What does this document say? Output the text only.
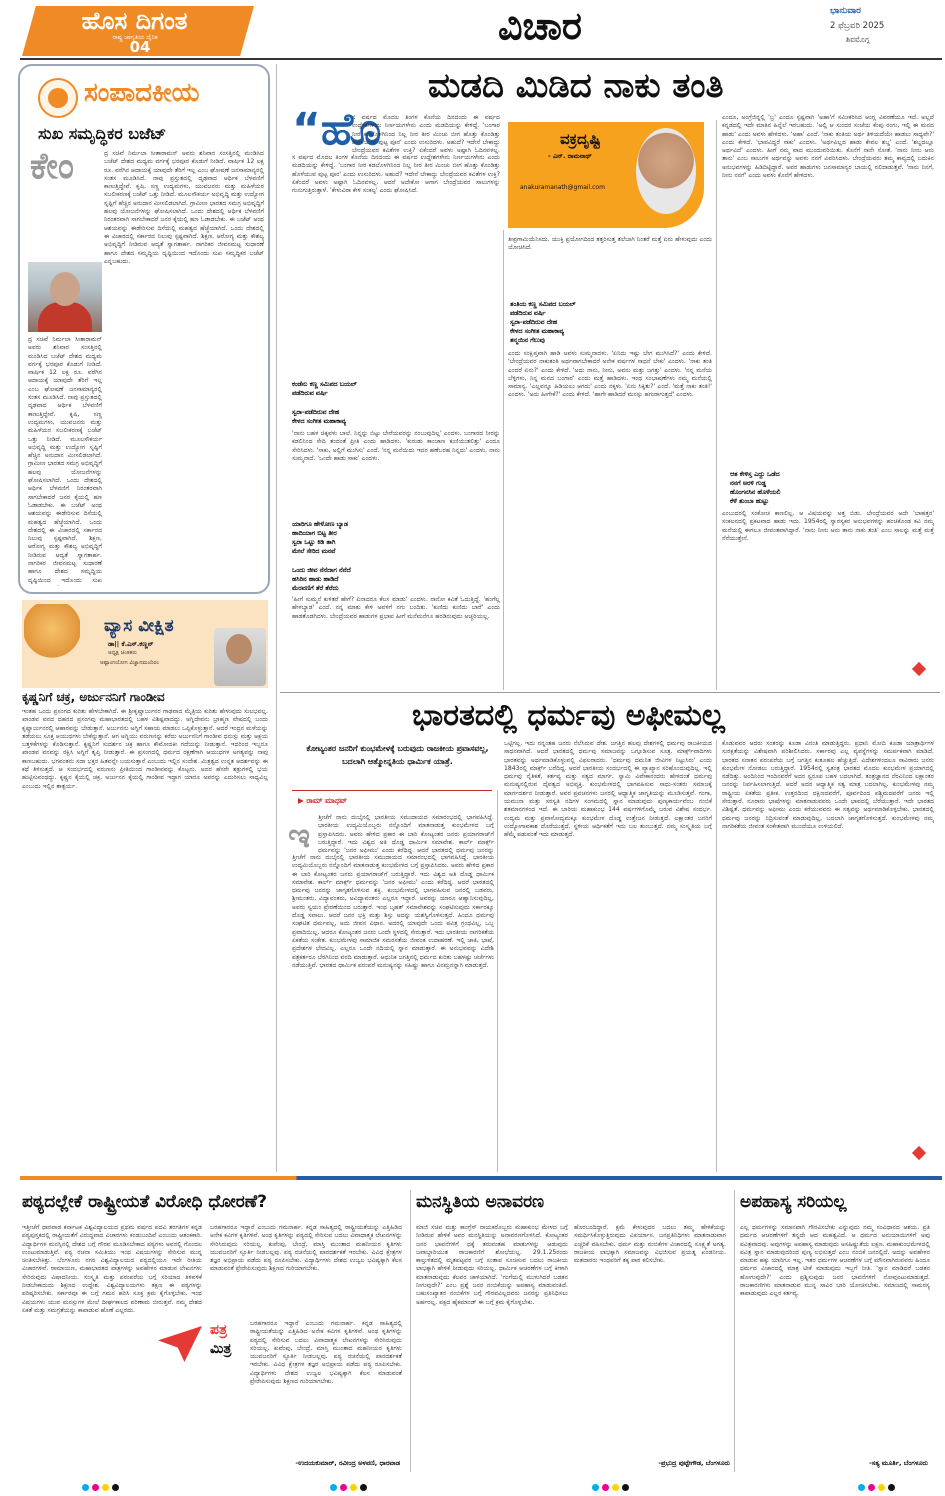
ಹೊಸ ದಿಗಂತ
ರಾಷ್ಟ್ರ ಜಾಗೃತಿಯ ದೈನಿಕ
04	ವಿಚಾರ	ಭಾನುವಾರ
2 ಫೆಬ್ರವರಿ 2025
ಶಿವಮೊಗ್ಗ
ಸಂಪಾದಕೀಯ
ಸುಖ ಸಮೃದ್ಧಿಕರ ಬಜೆಟ್
ಕೇಂ	ದ್ರ ಸಚಿವೆ ನಿರ್ಮಲಾ ಸೀತಾರಾಮನ್ ಅವರು ಶನಿವಾರ ಸಂಸತ್ತಿನಲ್ಲಿ ಮಂಡಿಸಿದ ಬಜೆಟ್ ದೇಶದ ಮಧ್ಯಮ ವರ್ಗಕ್ಕೆ ಭರಪೂರ ಕೊಡುಗೆ ನೀಡಿದೆ. ವಾರ್ಷಿಕ 12 ಲಕ್ಷ ರೂ. ವರೆಗಿನ ಆದಾಯಕ್ಕೆ ಯಾವುದೇ ತೆರಿಗೆ ಇಲ್ಲ ಎಂಬ ಘೋಷಣೆ ಜನಸಾಮಾನ್ಯರಲ್ಲಿ ಸಂತಸ ಮೂಡಿಸಿದೆ. ನಾವು ಪ್ರಸ್ತುತದಲ್ಲಿ ದೃಢವಾದ ಆರ್ಥಿಕ ಬೆಳವಣಿಗೆ ಕಾಣುತ್ತಿದ್ದೇವೆ. ಕೃಷಿ, ಸಣ್ಣ ಉದ್ಯಮಗಳು, ಯುವಜನರು ಮತ್ತು ಮಹಿಳೆಯರ ಸಬಲೀಕರಣಕ್ಕೆ ಬಜೆಟ್ ಒತ್ತು ನೀಡಿದೆ. ಮೂಲಸೌಕರ್ಯ ಅಭಿವೃದ್ಧಿ ಮತ್ತು ಉದ್ಯೋಗ ಸೃಷ್ಟಿಗೆ ಹೆಚ್ಚಿನ ಅನುದಾನ ಮೀಸಲಿಡಲಾಗಿದೆ. ಗ್ರಾಮೀಣ ಭಾರತದ ಸಮಗ್ರ ಅಭಿವೃದ್ಧಿಗೆ ಹಲವು ಯೋಜನೆಗಳನ್ನು ಘೋಷಿಸಲಾಗಿದೆ. ಒಂದು ದೇಶದಲ್ಲಿ ಆರ್ಥಿಕ ಬೆಳವಣಿಗೆ ನಿರಂತರವಾಗಿ ಸಾಗಬೇಕಾದರೆ ಜನರ ಕೈಯಲ್ಲಿ ಹಣ ಓಡಾಡಬೇಕು. ಈ ಬಜೆಟ್ ಅಂಥ ಆಶಯವನ್ನು ಈಡೇರಿಸುವ ದಿಸೆಯಲ್ಲಿ ಮಹತ್ವದ ಹೆಜ್ಜೆಯಾಗಿದೆ. ಒಂದು ದೇಶದಲ್ಲಿ ಈ ವಿಚಾರದಲ್ಲಿ ಸರ್ಕಾರದ ನಿಲುವು ಸ್ಪಷ್ಟವಾಗಿದೆ. ಶಿಕ್ಷಣ, ಆರೋಗ್ಯ ಮತ್ತು ಕೌಶಲ್ಯ ಅಭಿವೃದ್ಧಿಗೆ ನೀಡಿರುವ ಆದ್ಯತೆ ಸ್ವಾಗತಾರ್ಹ. ನಾಗರಿಕರ ಜೀವನಮಟ್ಟ ಸುಧಾರಣೆ ಹಾಗೂ ದೇಶದ ಸಮೃದ್ಧಿಯ ದೃಷ್ಟಿಯಿಂದ ಇದೊಂದು ಸುಖ ಸಮೃದ್ಧಿಕರ ಬಜೆಟ್ ಎನ್ನಬಹುದು.
ದ್ರ ಸಚಿವೆ ನಿರ್ಮಲಾ ಸೀತಾರಾಮನ್ ಅವರು ಶನಿವಾರ ಸಂಸತ್ತಿನಲ್ಲಿ ಮಂಡಿಸಿದ ಬಜೆಟ್ ದೇಶದ ಮಧ್ಯಮ ವರ್ಗಕ್ಕೆ ಭರಪೂರ ಕೊಡುಗೆ ನೀಡಿದೆ. ವಾರ್ಷಿಕ 12 ಲಕ್ಷ ರೂ. ವರೆಗಿನ ಆದಾಯಕ್ಕೆ ಯಾವುದೇ ತೆರಿಗೆ ಇಲ್ಲ ಎಂಬ ಘೋಷಣೆ ಜನಸಾಮಾನ್ಯರಲ್ಲಿ ಸಂತಸ ಮೂಡಿಸಿದೆ. ನಾವು ಪ್ರಸ್ತುತದಲ್ಲಿ ದೃಢವಾದ ಆರ್ಥಿಕ ಬೆಳವಣಿಗೆ ಕಾಣುತ್ತಿದ್ದೇವೆ. ಕೃಷಿ, ಸಣ್ಣ ಉದ್ಯಮಗಳು, ಯುವಜನರು ಮತ್ತು ಮಹಿಳೆಯರ ಸಬಲೀಕರಣಕ್ಕೆ ಬಜೆಟ್ ಒತ್ತು ನೀಡಿದೆ. ಮೂಲಸೌಕರ್ಯ ಅಭಿವೃದ್ಧಿ ಮತ್ತು ಉದ್ಯೋಗ ಸೃಷ್ಟಿಗೆ ಹೆಚ್ಚಿನ ಅನುದಾನ ಮೀಸಲಿಡಲಾಗಿದೆ. ಗ್ರಾಮೀಣ ಭಾರತದ ಸಮಗ್ರ ಅಭಿವೃದ್ಧಿಗೆ ಹಲವು ಯೋಜನೆಗಳನ್ನು ಘೋಷಿಸಲಾಗಿದೆ. ಒಂದು ದೇಶದಲ್ಲಿ ಆರ್ಥಿಕ ಬೆಳವಣಿಗೆ ನಿರಂತರವಾಗಿ ಸಾಗಬೇಕಾದರೆ ಜನರ ಕೈಯಲ್ಲಿ ಹಣ ಓಡಾಡಬೇಕು. ಈ ಬಜೆಟ್ ಅಂಥ ಆಶಯವನ್ನು ಈಡೇರಿಸುವ ದಿಸೆಯಲ್ಲಿ ಮಹತ್ವದ ಹೆಜ್ಜೆಯಾಗಿದೆ. ಒಂದು ದೇಶದಲ್ಲಿ ಈ ವಿಚಾರದಲ್ಲಿ ಸರ್ಕಾರದ ನಿಲುವು ಸ್ಪಷ್ಟವಾಗಿದೆ. ಶಿಕ್ಷಣ, ಆರೋಗ್ಯ ಮತ್ತು ಕೌಶಲ್ಯ ಅಭಿವೃದ್ಧಿಗೆ ನೀಡಿರುವ ಆದ್ಯತೆ ಸ್ವಾಗತಾರ್ಹ. ನಾಗರಿಕರ ಜೀವನಮಟ್ಟ ಸುಧಾರಣೆ ಹಾಗೂ ದೇಶದ ಸಮೃದ್ಧಿಯ ದೃಷ್ಟಿಯಿಂದ ಇದೊಂದು ಸುಖ
ವ್ಯಾಸ ವೀಕ್ಷಿತ
ಡಾ|| ಕೆ.ಎಸ್.ಕಣ್ಣನ್
ಅಧ್ಯಕ್ಷ ಚಿಂತಕರು
ಅಷ್ಟಾಂಗಯೋಗ ವಿಜ್ಞಾನಮಂದಿರಂ
ಕೃಷ್ಣನಿಗೆ ಚಕ್ರ, ಅರ್ಜುನನಿಗೆ ಗಾಂಡೀವ
ಇಂತಹ ಒಂದು ಪ್ರಸಂಗದ ಕುರಿತು ಹೇಳಬೇಕಾಗಿದೆ. ಈ ಶ್ರೀಕೃಷ್ಣಾರ್ಜುನರ ಗಾಢವಾದ ಮೈತ್ರಿಯ ಕುರಿತು ಹೇಳುವುದು ಸುಲಭವಲ್ಲ. ಖಾಂಡವ ವನದ ದಹನದ ಪ್ರಸಂಗವು ಮಹಾಭಾರತದಲ್ಲಿ ಬಹಳ ವಿಶಿಷ್ಟವಾದದ್ದು. ಅಗ್ನಿದೇವನು ಬ್ರಾಹ್ಮಣ ವೇಷದಲ್ಲಿ ಬಂದು ಕೃಷ್ಣಾರ್ಜುನರಲ್ಲಿ ಆಹಾರವನ್ನು ಬೇಡುತ್ತಾನೆ. ಅರ್ಜುನನು ಅಗ್ನಿಗೆ ಸಹಾಯ ಮಾಡಲು ಒಪ್ಪಿಕೊಳ್ಳುತ್ತಾನೆ. ಆದರೆ ಇಂದ್ರನ ಮಳೆಯನ್ನು ತಡೆಯಲು ಸೂಕ್ತ ಆಯುಧಗಳು ಬೇಕೆನ್ನುತ್ತಾನೆ. ಆಗ ಅಗ್ನಿಯು ವರುಣನನ್ನು ಕರೆದು ಅರ್ಜುನನಿಗೆ ಗಾಂಡೀವ ಧನುಸ್ಸು ಮತ್ತು ಅಕ್ಷಯ ಬತ್ತಳಿಕೆಗಳನ್ನು ಕೊಡಿಸುತ್ತಾನೆ. ಕೃಷ್ಣನಿಗೆ ಸುದರ್ಶನ ಚಕ್ರ ಹಾಗೂ ಕೌಮೋದಕೀ ಗದೆಯನ್ನು ನೀಡುತ್ತಾನೆ. ಇದರಿಂದ ಇಬ್ಬರೂ ಖಾಂಡವ ವನವನ್ನು ರಕ್ಷಿಸಿ ಅಗ್ನಿಗೆ ತೃಪ್ತಿ ನೀಡುತ್ತಾರೆ. ಈ ಪ್ರಸಂಗದಲ್ಲಿ ಧರ್ಮದ ರಕ್ಷಣೆಗಾಗಿ ಆಯುಧಗಳ ಅಗತ್ಯವನ್ನು ನಾವು ಕಾಣಬಹುದು. ಭಗವಂತನು ಸದಾ ಭಕ್ತರ ಹಿತವನ್ನೇ ಬಯಸುತ್ತಾನೆ ಎಂಬುದು ಇಲ್ಲಿನ ಸಂದೇಶ. ಮಿತ್ರತ್ವದ ಉನ್ನತ ಆದರ್ಶವನ್ನು ಈ ಕಥೆ ತಿಳಿಸುತ್ತದೆ. ಆ ಸಂದರ್ಭದಲ್ಲಿ ವರುಣನು ಪ್ರೀತಿಯಿಂದ ಗಾಂಡೀವವನ್ನು ಕೊಟ್ಟನು. ಅದರ ಹೆಸರೇ ಶತ್ರುಗಳಲ್ಲಿ ಭಯ ಹುಟ್ಟಿಸುವಂಥದ್ದು. ಕೃಷ್ಣನ ಕೈಯಲ್ಲಿ ಚಕ್ರ, ಅರ್ಜುನನ ಕೈಯಲ್ಲಿ ಗಾಂಡೀವ ಇದ್ದಾಗ ಯಾರೂ ಅವರನ್ನು ಎದುರಿಸಲು ಸಾಧ್ಯವಿಲ್ಲ ಎಂಬುದು ಇಲ್ಲಿನ ತಾತ್ಪರ್ಯ.
ಮಡದಿ ಮಿಡಿದ ನಾಕು ತಂತಿ
“ಹೊ
ಸ ವರ್ಷದ ಮೊದಲ ತಿಂಗಳ ಕೊನೆಯ ದಿನದಂದು ಈ ವರ್ಷದ ಉದ್ದೇಶಗಳೇನು ನಿರ್ಣಯಗಳೇನು ಎಂದು ಮಡದಿಯನ್ನು ಕೇಳಿದ್ದೆ. 'ಬಂಗಾರ ನೀರ ಕಡಲೊಳಗಿನಿಂದ ನಿಲ್ಲ ನೀರ ತೀರ ಮಿಂಚು ಬೀಗ ಹೊತ್ತು ಕೊಂಡಿತ್ತು ಹೊಳೆಯುವ ಪುಟ್ಟ ಪೂರ' ಎಂದು ಉಸುರಿದಳು. ಅಹುದೆ? ಇದೇನೆ ಬೇಕಾದ್ದು ಬೇಂದ್ರೆಯವರ ಕವಿತೆಗಳ ಉಕ್ತಿ? ಏಕೆಂದರೆ ಅವಳು ಅಷ್ಟಾಗಿ ಓದಿನವಳಲ್ಲ.
ಸ ವರ್ಷದ ಮೊದಲ ತಿಂಗಳ ಕೊನೆಯ ದಿನದಂದು ಈ ವರ್ಷದ ಉದ್ದೇಶಗಳೇನು ನಿರ್ಣಯಗಳೇನು ಎಂದು ಮಡದಿಯನ್ನು ಕೇಳಿದ್ದೆ. 'ಬಂಗಾರ ನೀರ ಕಡಲೊಳಗಿನಿಂದ ನಿಲ್ಲ ನೀರ ತೀರ ಮಿಂಚು ಬೀಗ ಹೊತ್ತು ಕೊಂಡಿತ್ತು ಹೊಳೆಯುವ ಪುಟ್ಟ ಪೂರ' ಎಂದು ಉಸುರಿದಳು. ಅಹುದೆ? ಇದೇನೆ ಬೇಕಾದ್ದು ಬೇಂದ್ರೆಯವರ ಕವಿತೆಗಳ ಉಕ್ತಿ? ಏಕೆಂದರೆ ಅವಳು ಅಷ್ಟಾಗಿ ಓದಿನವಳಲ್ಲ. ಆದರೆ ಅದೇಕೋ ಆಗಾಗ ಬೇಂದ್ರೆಯವರ ಸಾಲುಗಳನ್ನು ಗುನುಗುತ್ತಿರುತ್ತಾಳೆ. 'ಕೇಳುವಿರಾ ಕೇಳಿ ಸಂಕಲ್ಪ' ಎಂದು ಘೋಷಿಸಿದೆ.
ಕಂಡೆನು ಕಣ್ಣ ಸಮಿಪದ ಬಯಲ್
ಪಡೆದಿರುವ ವರ್ಷಿ
ಸ್ವರಾ-ಪಡೆದಿರುವ ದೇಹ
ಕೇಳದ ಸಂಗೀತ ಮಹಾಕಾವ್ಯ
'ನಾನು ಬಹಳ ಚಿಕ್ಕವಳು ಬಾಲೆ. ನಿನ್ನನ್ನು ಬಿಟ್ಟು ಬೇರೆಯವರನ್ನು ನಂಬುವುದಿಲ್ಲ' ಎಂದಳು. ಬಂಗಾರದ ನೀರನ್ನು ಕಡಲಿನಿಂದ ಸೇದಿ ತಂದಂತೆ ಪ್ರೀತಿ ಎಂದು ಹಾಡಿದಳು. 'ಕುರುಡು ಕಾಂಚಾಣ ಕುಣಿಯುತಲಿತ್ತು' ಎಂದೂ ಸೇರಿಸಿದಳು. 'ಸಾಕು, ಅಲ್ಲಿಗೆ ಮುಗಿಸು' ಎಂದೆ. 'ನನ್ನ ಮನೆಯಿದು ಇದರ ಹಣೆಬರಹ ನಿನ್ನದು' ಎಂದಳು. ನಾನು ಸುಮ್ಮನಾದೆ. 'ಒಂದೇ ಹಾಡು ಸಾಕು' ಎಂದಳು.
ಯಾರಿಗೂ ಹೇಳೋಣ ಬ್ಯಾಡ
ಹಾದಿಯಾಗ ಬಿಟ್ಟ ತೀರ
ಸ್ವರಾ ಒಟ್ಟು ಕಿಡಿ ತಾಗಿ
ಮೇಲೆ ಸೇರಿದ ಮನವೆ
ಒಂದು ಜೀವ ನೆನೆದಾಗ ನೆನೆದೆ
ಹಸಿರಿನ ಹಾಡು ಹಾಡಿದೆ
ಮೆರವಣಿಗೆ ತೆರೆ ತೆರೆದು
'ಹೀಗೆ ಸುಮ್ಮನೆ ಕುಳಿತರೆ ಹೇಗೆ? ಏನಾದರೂ ಕೆಲಸ ಮಾಡು' ಎಂದಳು. ನಾನೋ ಕವಿತೆ ಓದುತ್ತಿದ್ದೆ. 'ಹಂಗೆಲ್ಲ ಹೇಳಬ್ಯಾಡ' ಎಂದೆ. ನನ್ನ ಮಾತು ಕೇಳಿ ಅವಳಿಗೆ ನಗು ಬಂದಿತು. 'ಕುಣಿದು ಕುಣಿದು ಬಾರೆ' ಎಂದು ಹಾಡತೊಡಗಿದಳು. ಬೇಂದ್ರೆಯವರ ಹಾಡುಗಳ ಪ್ರಭಾವ ಹೀಗೆ ಮನೆಮನೆಗೂ ಹರಡಿರುವುದು ಅಚ್ಚರಿಯಲ್ಲ.
ವಕ್ರದೃಷ್ಟಿ
- ಎನ್. ರಾಮನಾಥ್
anakuramanath@gmail.com
ತೀವ್ರಗಾಮಿಯೆನಿಸದು. ಯುಕ್ತಿ ಪ್ರಯೋಗದಿಂದ ತತ್ತರಿಸುತ್ತ ತಲೆಬಾಗಿ ನಿಂತರೆ ಮತ್ತೆ ಏನು ಹೇಳುವುದು ಎಂದು ಯೋಚಿಸಿದೆ.
ತಂತಿಯ ಕಣ್ಣ ಸಮಿಪದ ಬಯಲ್
ಪಡೆದಿರುವ ವರ್ಷಿ
ಸ್ವರಾ-ಪಡೆದಿರುವ ದೇಹ
ಕೇಳದ ಸಂಗೀತ ಮಹಾಕಾವ್ಯ
ತನ್ಮಯಿನ ಗೆಲುವು
ಎಂದು ಸಂಕ್ಷಿಪ್ತವಾಗಿ ಹಾಡಿ ಅವಳು ಸುಮ್ಮನಾದಳು. 'ಏನಿದು ಇಷ್ಟು ಬೇಗ ಮುಗಿಸಿದೆ?' ಎಂದು ಕೇಳಿದೆ. 'ಬೇಂದ್ರೆಯವರ ನಾಕುತಂತಿ ಅರ್ಥವಾಗಬೇಕಾದರೆ ಅನೇಕ ವರ್ಷಗಳ ಸಾಧನೆ ಬೇಕು' ಎಂದಳು. 'ನಾಕು ತಂತಿ ಎಂದರೆ ಏನು?' ಎಂದು ಕೇಳಿದೆ. 'ಅದು ನಾನು, ನೀನು, ಅವನು ಮತ್ತು ಜಗತ್ತು' ಎಂದಳು. 'ನನ್ನ ಮನೆಯ ಬೆಳ್ಳಿಗಳು, ನಿನ್ನ ಮನದ ಬಂಗಾರ' ಎಂದು ಮತ್ತೆ ಹಾಡಿದಳು. ಇಂಥ ಸಂಭಾಷಣೆಗಳು ನಮ್ಮ ಮನೆಯಲ್ಲಿ ಸಾಮಾನ್ಯ. 'ಎಲ್ಲವನ್ನೂ ಹಿಡಿಯಲು ಆಗದು' ಎಂದು ನಕ್ಕಳು. 'ಏನು ಸಿಕ್ಕಿತು?' ಎಂದೆ. 'ಮತ್ತೆ ನಾಕು ತಂತಿ!' ಎಂದಳು. 'ಅದು ಹೀಗೇಕೆ?' ಎಂದು ಕೇಳಿದೆ. 'ಹಾಗೇ ಹಾಡಿದರೆ ಮನಸ್ಸು ಹಗುರಾಗುತ್ತದೆ' ಎಂದಳು.
ಎಂದೂ, ಅಂಗ್ರೆಜಿನ್ನಲ್ಲಿ 'ಬ್ರ' ಎಂದೂ ಸ್ಪಷ್ಟವಾಗಿ 'ಅಹಾ'ಗೆ ಸಮೀಕರಿಸಿದ ಆಂಗ್ಲ ವಿವರಣೆಯೂ ಇದೆ. ಅಲ್ಲದೆ ಕನ್ನಡದಲ್ಲಿ ಇದೇ ಮಾತಿನ ಹಿನ್ನೆಲೆ ಇರಬಹುದು. 'ಅಲ್ಲಿ ಆ ಸುಂದರ ಸಂಜೆಯ ಕೆಂಪು ರಂಗು, ಇಲ್ಲಿ ಈ ಮನದ ಹಾಡು' ಎಂದು ಅವಳು ಹೇಳಿದಳು. 'ಅಹಾ' ಎಂದೆ. 'ನಾಕು ತಂತಿಯ ಅರ್ಥ ತಿಳಿಯದೆಯೇ ಹಾಡಲು ಸಾಧ್ಯವೇ?' ಎಂದು ಕೇಳಿದೆ. 'ಭಾವವಿದ್ದರೆ ಸಾಕು' ಎಂದಳು. 'ಅರ್ಥವಿಲ್ಲದ ಹಾಡು ಕೇವಲ ಶಬ್ದ' ಎಂದೆ. 'ಶಬ್ದದಲ್ಲೂ ಅರ್ಥವಿದೆ' ಎಂದಳು. ಹೀಗೆ ನಮ್ಮ ವಾದ ಮುಂದುವರಿಯಿತು. ಕೊನೆಗೆ ನಾನೇ ಸೋತೆ. 'ನಾನು ನೀನು ಆನು ತಾನು' ಎಂಬ ಸಾಲುಗಳ ಅರ್ಥವನ್ನು ಅವಳು ನನಗೆ ವಿವರಿಸಿದಳು. ಬೇಂದ್ರೆಯವರು ತಮ್ಮ ಕಾವ್ಯದಲ್ಲಿ ಬದುಕಿನ ಅನುಭವಗಳನ್ನು ಹಿಡಿದಿಟ್ಟಿದ್ದಾರೆ. ಅವರ ಹಾಡುಗಳು ಜನಸಾಮಾನ್ಯರ ಬಾಯಲ್ಲಿ ನಲಿದಾಡುತ್ತವೆ. 'ನಾನು ನಿನಗೆ, ನೀನು ನನಗೆ' ಎಂದು ಅವಳು ಕೊನೆಗೆ ಹೇಳಿದಳು.
ಆತ ಕೇಳಿಸ್ತ ಎದ್ದು ಒಡೆದ
ನನಗೆ ಅರಳಿ ಗುಡ್ಡ
ಹೊಂಗನಸಿನ ಹೊಳೆಯಲಿ
ಕೆಳೆ ತುಂಬಾ ಹುಟ್ಟು
ಎಂಬುದರಲ್ಲಿ ಸಂಕೋಚ ಕಾಣಲಿಲ್ಲ. ಆ ವಿಷಯವನ್ನು ಅತ್ತ ಬಿಡು. ಬೇಂದ್ರೆಯವರ ಅದೇ 'ಬಾಹತ್ತರ' ಸಂಕಲನದಲ್ಲಿ ಪ್ರಕಟವಾದ ಹಾಡು ಇದು. 1954ರಲ್ಲಿ ಸ್ವಾರಸ್ಯಕರ ಅನುಭವಗಳನ್ನು ಹಂಚಿಕೊಂಡ ಕವಿ ನಮ್ಮ ಮನೆಯಲ್ಲಿ ಈಗಲೂ ಜೀವಂತವಾಗಿದ್ದಾರೆ. 'ನಾನು ನೀನು ಆನು ತಾನು ನಾಕು ತಂತಿ' ಎಂಬ ಸಾಲನ್ನು ಮತ್ತೆ ಮತ್ತೆ ನೆನೆಯುತ್ತೇನೆ.
ಭಾರತದಲ್ಲಿ ಧರ್ಮವು ಅಫೀಮಲ್ಲ
ಕೋಟ್ಯಂತರ ಜನರಿಗೆ ಕುಂಭಮೇಳಕ್ಕೆ ಬರುವುದು ರಾಜಕೀಯ ಪ್ರವಾಸವಲ್ಲ, ಬದಲಾಗಿ ಆತ್ಮೋನ್ನತಿಯ ಧಾರ್ಮಿಕ ಯಾತ್ರೆ.
▶ ರಾಮ್ ಮಾಧವ್
ಇ	ತ್ತೀಚೆಗೆ ನಾನು ದುಬೈನಲ್ಲಿ ಭಾರತೀಯ ಸಮುದಾಯದ ಸಮಾರಂಭದಲ್ಲಿ ಭಾಗವಹಿಸಿದ್ದೆ. ಭಾರತೀಯ ಉದ್ಯಮಿಯೊಬ್ಬರು ನನ್ನೊಂದಿಗೆ ಮಾತನಾಡುತ್ತ ಕುಂಭಮೇಳದ ಬಗ್ಗೆ ಪ್ರಸ್ತಾಪಿಸಿದರು. ಅವರು ಹೇಳಿದ ಪ್ರಕಾರ ಈ ಬಾರಿ ಕೋಟ್ಯಂತರ ಜನರು ಪ್ರಯಾಗರಾಜ್‌ಗೆ ಬರುತ್ತಿದ್ದಾರೆ. ಇದು ವಿಶ್ವದ ಅತಿ ದೊಡ್ಡ ಧಾರ್ಮಿಕ ಸಮಾವೇಶ. ಕಾರ್ಲ್ ಮಾರ್ಕ್ಸ್ ಧರ್ಮವನ್ನು 'ಜನರ ಅಫೀಮು' ಎಂದು ಕರೆದಿದ್ದ. ಆದರೆ ಭಾರತದಲ್ಲಿ ಧರ್ಮವು ಜನರನ್ನು
ತ್ತೀಚೆಗೆ ನಾನು ದುಬೈನಲ್ಲಿ ಭಾರತೀಯ ಸಮುದಾಯದ ಸಮಾರಂಭದಲ್ಲಿ ಭಾಗವಹಿಸಿದ್ದೆ. ಭಾರತೀಯ ಉದ್ಯಮಿಯೊಬ್ಬರು ನನ್ನೊಂದಿಗೆ ಮಾತನಾಡುತ್ತ ಕುಂಭಮೇಳದ ಬಗ್ಗೆ ಪ್ರಸ್ತಾಪಿಸಿದರು. ಅವರು ಹೇಳಿದ ಪ್ರಕಾರ ಈ ಬಾರಿ ಕೋಟ್ಯಂತರ ಜನರು ಪ್ರಯಾಗರಾಜ್‌ಗೆ ಬರುತ್ತಿದ್ದಾರೆ. ಇದು ವಿಶ್ವದ ಅತಿ ದೊಡ್ಡ ಧಾರ್ಮಿಕ ಸಮಾವೇಶ. ಕಾರ್ಲ್ ಮಾರ್ಕ್ಸ್ ಧರ್ಮವನ್ನು 'ಜನರ ಅಫೀಮು' ಎಂದು ಕರೆದಿದ್ದ. ಆದರೆ ಭಾರತದಲ್ಲಿ ಧರ್ಮವು ಜನರನ್ನು ಜಾಗೃತಗೊಳಿಸುವ ಶಕ್ತಿ. ಕುಂಭಮೇಳದಲ್ಲಿ ಭಾಗವಹಿಸುವ ಜನರಲ್ಲಿ ಬಡವರು, ಶ್ರೀಮಂತರು, ವಿದ್ಯಾವಂತರು, ಅವಿದ್ಯಾವಂತರು ಎಲ್ಲರೂ ಇದ್ದಾರೆ. ಅವರನ್ನು ಯಾರೂ ಆಹ್ವಾನಿಸುವುದಿಲ್ಲ, ಅವರು ಸ್ವಯಂ ಪ್ರೇರಣೆಯಿಂದ ಬರುತ್ತಾರೆ. ಇಂಥ ಬೃಹತ್ ಸಮಾವೇಶವನ್ನು ಸಂಘಟಿಸುವುದು ಸರ್ಕಾರಕ್ಕೂ ದೊಡ್ಡ ಸವಾಲು. ಆದರೆ ಜನರ ಭಕ್ತಿ ಮತ್ತು ಶಿಸ್ತು ಅದನ್ನು ಯಶಸ್ವಿಗೊಳಿಸುತ್ತದೆ. ಹಿಂದೂ ಧರ್ಮವು ಸಂಘಟಿತ ಧರ್ಮವಲ್ಲ, ಅದು ಜೀವನ ವಿಧಾನ. ಅದರಲ್ಲಿ ಯಾವುದೇ ಒಂದು ಪವಿತ್ರ ಗ್ರಂಥವಿಲ್ಲ, ಒಬ್ಬ ಪ್ರವಾದಿಯಿಲ್ಲ. ಆದರೂ ಕೋಟ್ಯಂತರ ಜನರು ಒಂದೇ ಸ್ಥಳದಲ್ಲಿ ಸೇರುತ್ತಾರೆ. ಇದು ಭಾರತೀಯ ನಾಗರಿಕತೆಯ ಏಕತೆಯ ಸಂಕೇತ. ಕುಂಭಮೇಳವು ಸಾಮಾಜಿಕ ಸಮರಸತೆಯ ಜೀವಂತ ಉದಾಹರಣೆ. ಇಲ್ಲಿ ಜಾತಿ, ಭಾಷೆ, ಪ್ರದೇಶಗಳ ಭೇದವಿಲ್ಲ. ಎಲ್ಲರೂ ಒಂದೇ ನದಿಯಲ್ಲಿ ಸ್ನಾನ ಮಾಡುತ್ತಾರೆ. ಈ ಅನುಭವವನ್ನು ವಿದೇಶಿ ಪತ್ರಕರ್ತರೂ ಬೆರಗಿನಿಂದ ವರದಿ ಮಾಡುತ್ತಾರೆ. ಆಧುನಿಕ ಜಗತ್ತಿನಲ್ಲಿ ಧರ್ಮದ ಕುರಿತು ಬಹಳಷ್ಟು ಚರ್ಚೆಗಳು ನಡೆಯುತ್ತಿವೆ. ಭಾರತದ ಧಾರ್ಮಿಕ ಪರಂಪರೆ ಮನುಷ್ಯನನ್ನು ಸಹಿಷ್ಣು ಹಾಗೂ ವಿನಮ್ರನನ್ನಾಗಿ ಮಾಡುತ್ತದೆ.
ಒಟ್ಟಿಗಲ್ಲ. ಇದು ನನ್ನಂತಹ ಜನರು ನೆಲೆಸಿರುವ ದೇಶ. ಜಗತ್ತಿನ ಹಲವು ದೇಶಗಳಲ್ಲಿ ಧರ್ಮವು ರಾಜಕೀಯದ ಸಾಧನವಾಗಿದೆ. ಆದರೆ ಭಾರತದಲ್ಲಿ ಧರ್ಮವು ಸಮಾಜವನ್ನು ಒಗ್ಗೂಡಿಸುವ ಸೂತ್ರ. ಮಾರ್ಕ್ಸ್‌ವಾದಿಗಳು ಭಾರತವನ್ನು ಅರ್ಥಮಾಡಿಕೊಳ್ಳುವಲ್ಲಿ ವಿಫಲರಾದರು. 'ಧರ್ಮವು ದಮನಿತ ಜೀವಿಗಳ ನಿಟ್ಟುಸಿರು' ಎಂದು 1843ರಲ್ಲಿ ಮಾರ್ಕ್ಸ್ ಬರೆದಿದ್ದ. ಆದರೆ ಭಾರತೀಯ ಸಂದರ್ಭದಲ್ಲಿ ಈ ವ್ಯಾಖ್ಯಾನ ಸರಿಹೊಂದುವುದಿಲ್ಲ. ಇಲ್ಲಿ ಧರ್ಮವು ನೈತಿಕತೆ, ಕರ್ತವ್ಯ ಮತ್ತು ಸತ್ಯದ ಮಾರ್ಗ. ಸ್ವಾಮಿ ವಿವೇಕಾನಂದರು ಹೇಳಿದಂತೆ ಧರ್ಮವು ಮನುಷ್ಯನಲ್ಲಿರುವ ದೈವತ್ವದ ಅಭಿವ್ಯಕ್ತಿ. ಕುಂಭಮೇಳದಲ್ಲಿ ಭಾಗವಹಿಸುವ ಸಾಧು-ಸಂತರು ಸಮಾಜಕ್ಕೆ ಮಾರ್ಗದರ್ಶನ ನೀಡುತ್ತಾರೆ. ಅವರ ಪ್ರವಚನಗಳು ಜನರಲ್ಲಿ ಆಧ್ಯಾತ್ಮಿಕ ಜಾಗೃತಿಯನ್ನು ಮೂಡಿಸುತ್ತವೆ. ಗಂಗಾ, ಯಮುನಾ ಮತ್ತು ಸರಸ್ವತಿ ನದಿಗಳ ಸಂಗಮದಲ್ಲಿ ಸ್ನಾನ ಮಾಡುವುದು ಪುಣ್ಯಕಾರ್ಯವೆಂಬ ನಂಬಿಕೆ ಶತಮಾನಗಳಿಂದ ಇದೆ. ಈ ಬಾರಿಯ ಮಹಾಕುಂಭ 144 ವರ್ಷಗಳಿಗೊಮ್ಮೆ ಬರುವ ವಿಶೇಷ ಸಂದರ್ಭ. ಉದ್ಯಮ ಮತ್ತು ಪ್ರವಾಸೋದ್ಯಮಕ್ಕೂ ಕುಂಭಮೇಳ ದೊಡ್ಡ ಉತ್ತೇಜನ ನೀಡುತ್ತದೆ. ಲಕ್ಷಾಂತರ ಜನರಿಗೆ ಉದ್ಯೋಗಾವಕಾಶ ದೊರೆಯುತ್ತದೆ. ಸ್ಥಳೀಯ ಆರ್ಥಿಕತೆಗೆ ಇದು ಬಲ ತುಂಬುತ್ತದೆ. ನಮ್ಮ ಸಂಸ್ಕೃತಿಯ ಬಗ್ಗೆ ಹೆಮ್ಮೆ ಪಡುವಂತೆ ಇದು ಮಾಡುತ್ತದೆ.
ಕೊಡುವವರ ಆದರು ಸಂತರನ್ನು ಕೂಡಾ ವಿನಂತಿ ಮಾಡುತ್ತಿದ್ದರು. ಪ್ರಧಾನಿ ಮೋದಿ ಕೂಡಾ ಯಾತ್ರಾರ್ಥಿಗಳ ಸುರಕ್ಷತೆಯನ್ನು ವಿಶೇಷವಾಗಿ ಪರಿಶೀಲಿಸಿದರು. ಸರ್ಕಾರವು ಎಲ್ಲ ವ್ಯವಸ್ಥೆಗಳನ್ನು ಸಮರ್ಪಕವಾಗಿ ಮಾಡಿದೆ. ಭಾರತದ ಸನಾತನ ಪರಂಪರೆಯ ಬಗ್ಗೆ ಜಗತ್ತಿನ ಕುತೂಹಲ ಹೆಚ್ಚುತ್ತಿದೆ. ವಿದೇಶಗಳಿಂದಲೂ ಸಾವಿರಾರು ಜನರು ಕುಂಭಮೇಳ ನೋಡಲು ಬರುತ್ತಿದ್ದಾರೆ. 1954ರಲ್ಲಿ ಸ್ವತಂತ್ರ ಭಾರತದ ಮೊದಲ ಕುಂಭಮೇಳ ಪ್ರಯಾಗದಲ್ಲಿ ನಡೆದಿತ್ತು. ಅಂದಿನಿಂದ ಇಂದಿನವರೆಗೆ ಅದರ ಸ್ವರೂಪ ಬಹಳ ಬದಲಾಗಿದೆ. ತಂತ್ರಜ್ಞಾನದ ನೆರವಿನಿಂದ ಲಕ್ಷಾಂತರ ಜನರನ್ನು ನಿರ್ವಹಿಸಲಾಗುತ್ತಿದೆ. ಆದರೆ ಅದರ ಆಧ್ಯಾತ್ಮಿಕ ಸತ್ವ ಮಾತ್ರ ಬದಲಾಗಿಲ್ಲ. ಕುಂಭಮೇಳವು ನಮ್ಮ ರಾಷ್ಟ್ರೀಯ ಏಕತೆಯ ಪ್ರತೀಕ. ಉತ್ತರದಿಂದ ದಕ್ಷಿಣದವರೆಗೆ, ಪೂರ್ವದಿಂದ ಪಶ್ಚಿಮದವರೆಗೆ ಜನರು ಇಲ್ಲಿ ಸೇರುತ್ತಾರೆ. ನೂರಾರು ಭಾಷೆಗಳನ್ನು ಮಾತನಾಡುವವರು ಒಂದೇ ಭಾವದಲ್ಲಿ ಬೆರೆಯುತ್ತಾರೆ. ಇದೇ ಭಾರತದ ವಿಶಿಷ್ಟತೆ. ಧರ್ಮವನ್ನು ಅಫೀಮು ಎಂದು ಕರೆಯುವವರು ಈ ಸತ್ಯವನ್ನು ಅರ್ಥಮಾಡಿಕೊಳ್ಳಬೇಕು. ಭಾರತದಲ್ಲಿ ಧರ್ಮವು ಜನರನ್ನು ನಿದ್ರಿಸುವಂತೆ ಮಾಡುವುದಿಲ್ಲ, ಬದಲಾಗಿ ಜಾಗೃತಗೊಳಿಸುತ್ತದೆ. ಕುಂಭಮೇಳವು ನಮ್ಮ ನಾಗರಿಕತೆಯ ಜೀವಂತ ಸಂಕೇತವಾಗಿ ಮುಂದೆಯೂ ಉಳಿಯಲಿದೆ.
ಪಠ್ಯದಲ್ಲೇಕೆ ರಾಷ್ಟ್ರೀಯತೆ ವಿರೋಧಿ ಧೋರಣೆ?
ಇತ್ತೀಚೆಗೆ ಧಾರವಾಡ ಕರ್ನಾಟಕ ವಿಶ್ವವಿದ್ಯಾಲಯದ ಪ್ರಥಮ ವರ್ಷದ ಪದವಿ ತರಗತಿಗಳ ಕನ್ನಡ ಪಠ್ಯಪುಸ್ತಕದಲ್ಲಿ ರಾಷ್ಟ್ರೀಯತೆಗೆ ವಿರುದ್ಧವಾದ ವಿಚಾರಗಳು ಕಂಡುಬಂದಿವೆ ಎಂಬುದು ಆತಂಕಕಾರಿ. ವಿದ್ಯಾರ್ಥಿಗಳ ಮನಸ್ಸಿನಲ್ಲಿ ದೇಶದ ಬಗ್ಗೆ ಗೌರವ ಮೂಡಿಸಬೇಕಾದ ಪಠ್ಯಗಳು ಅವರಲ್ಲಿ ಗೊಂದಲ ಉಂಟುಮಾಡುತ್ತಿವೆ. ಪಠ್ಯ ರಚನಾ ಸಮಿತಿಯು ಇಂಥ ವಿಷಯಗಳನ್ನು ಸೇರಿಸುವ ಮುನ್ನ ಚಿಂತಿಸಬೇಕಿತ್ತು. ಬೆಂಗಳೂರು ನಗರ ವಿಶ್ವವಿದ್ಯಾಲಯದ ಪಠ್ಯದಲ್ಲಿಯೂ ಇದೇ ರೀತಿಯ ವಿಚಾರಗಳಿವೆ. ರಾಮಾಯಣ, ಮಹಾಭಾರತದ ಪಾತ್ರಗಳನ್ನು ಅವಹೇಳನ ಮಾಡುವ ಲೇಖನಗಳು ಸೇರಿರುವುದು ವಿಷಾದನೀಯ. ಸಂಸ್ಕೃತಿ ಮತ್ತು ಪರಂಪರೆಯ ಬಗ್ಗೆ ಸರಿಯಾದ ತಿಳಿವಳಿಕೆ ನೀಡಬೇಕಾದುದು ಶಿಕ್ಷಣದ ಉದ್ದೇಶ. ವಿಶ್ವವಿದ್ಯಾಲಯಗಳು ತಕ್ಷಣ ಈ ಪಠ್ಯಗಳನ್ನು ಪರಿಷ್ಕರಿಸಬೇಕು. ಸರ್ಕಾರವೂ ಈ ಬಗ್ಗೆ ಗಮನ ಹರಿಸಿ ಸೂಕ್ತ ಕ್ರಮ ಕೈಗೊಳ್ಳಬೇಕು. ಇಂಥ ವಿಷಯಗಳು ಯುವ ಮನಸ್ಸುಗಳ ಮೇಲೆ ದೀರ್ಘಕಾಲದ ಪರಿಣಾಮ ಬೀರುತ್ತವೆ. ನಮ್ಮ ದೇಶದ ಏಕತೆ ಮತ್ತು ಸಮಗ್ರತೆಯನ್ನು ಕಾಪಾಡುವ ಹೊಣೆ ಎಲ್ಲರದು.
ಬರಹಗಾರರೂ ಇದ್ದಾರೆ ಎಂಬುದು ಗಮನಾರ್ಹ. ಕನ್ನಡ ಸಾಹಿತ್ಯದಲ್ಲಿ ರಾಷ್ಟ್ರೀಯತೆಯನ್ನು ಎತ್ತಿಹಿಡಿದ ಅನೇಕ ಕವಿಗಳ ಕೃತಿಗಳಿವೆ. ಅಂಥ ಕೃತಿಗಳನ್ನು ಪಠ್ಯದಲ್ಲಿ ಸೇರಿಸುವ ಬದಲು ವಿವಾದಾತ್ಮಕ ಲೇಖನಗಳನ್ನು ಸೇರಿಸಿರುವುದು ಸರಿಯಲ್ಲ. ಕುವೆಂಪು, ಬೇಂದ್ರೆ, ಮಾಸ್ತಿ ಮುಂತಾದ ಮಹನೀಯರ ಕೃತಿಗಳು ಯುವಜನರಿಗೆ ಸ್ಫೂರ್ತಿ ನೀಡಬಲ್ಲವು. ಪಠ್ಯ ರಚನೆಯಲ್ಲಿ ಪಾರದರ್ಶಕತೆ ಇರಬೇಕು. ವಿವಿಧ ಕ್ಷೇತ್ರಗಳ ತಜ್ಞರ ಅಭಿಪ್ರಾಯ ಪಡೆದು ಪಠ್ಯ ರೂಪಿಸಬೇಕು. ವಿದ್ಯಾರ್ಥಿಗಳು ದೇಶದ ಉಜ್ವಲ ಭವಿಷ್ಯಕ್ಕಾಗಿ ಕೆಲಸ ಮಾಡುವಂತೆ ಪ್ರೇರೇಪಿಸುವುದು ಶಿಕ್ಷಣದ ಗುರಿಯಾಗಬೇಕು.
ಪತ್ರ
ಮಿತ್ರ
ಬರಹಗಾರರೂ ಇದ್ದಾರೆ ಎಂಬುದು ಗಮನಾರ್ಹ. ಕನ್ನಡ ಸಾಹಿತ್ಯದಲ್ಲಿ ರಾಷ್ಟ್ರೀಯತೆಯನ್ನು ಎತ್ತಿಹಿಡಿದ ಅನೇಕ ಕವಿಗಳ ಕೃತಿಗಳಿವೆ. ಅಂಥ ಕೃತಿಗಳನ್ನು ಪಠ್ಯದಲ್ಲಿ ಸೇರಿಸುವ ಬದಲು ವಿವಾದಾತ್ಮಕ ಲೇಖನಗಳನ್ನು ಸೇರಿಸಿರುವುದು ಸರಿಯಲ್ಲ. ಕುವೆಂಪು, ಬೇಂದ್ರೆ, ಮಾಸ್ತಿ ಮುಂತಾದ ಮಹನೀಯರ ಕೃತಿಗಳು ಯುವಜನರಿಗೆ ಸ್ಫೂರ್ತಿ ನೀಡಬಲ್ಲವು. ಪಠ್ಯ ರಚನೆಯಲ್ಲಿ ಪಾರದರ್ಶಕತೆ ಇರಬೇಕು. ವಿವಿಧ ಕ್ಷೇತ್ರಗಳ ತಜ್ಞರ ಅಭಿಪ್ರಾಯ ಪಡೆದು ಪಠ್ಯ ರೂಪಿಸಬೇಕು. ವಿದ್ಯಾರ್ಥಿಗಳು ದೇಶದ ಉಜ್ವಲ ಭವಿಷ್ಯಕ್ಕಾಗಿ ಕೆಲಸ ಮಾಡುವಂತೆ ಪ್ರೇರೇಪಿಸುವುದು ಶಿಕ್ಷಣದ ಗುರಿಯಾಗಬೇಕು.
-ಉದಯಕುಮಾರ್, ರವೀಂದ್ರ ಅಳವಣಿ, ಧಾರವಾಡ
ಮನಸ್ಥಿತಿಯ ಅನಾವರಣ
ಮಾಜಿ ಸಚಿವ ಮತ್ತು ಕಾಂಗ್ರೆಸ್ ನಾಯಕರೊಬ್ಬರು ಮಹಾಕುಂಭ ಮೇಳದ ಬಗ್ಗೆ ನೀಡಿರುವ ಹೇಳಿಕೆ ಅವರ ಮನಸ್ಥಿತಿಯನ್ನು ಅನಾವರಣಗೊಳಿಸಿದೆ. ಕೋಟ್ಯಂತರ ಜನರ ಭಾವನೆಗಳಿಗೆ ಧಕ್ಕೆ ತರುವಂತಹ ಮಾತುಗಳನ್ನು ಆಡುವುದು ಜವಾಬ್ದಾರಿಯುತ ರಾಜಕಾರಣಿಗೆ ಶೋಭೆಯಲ್ಲ. 29.1.25ರಂದು ಕಾಲ್ತುಳಿತದಲ್ಲಿ ಮೃತಪಟ್ಟವರ ಬಗ್ಗೆ ಸಂತಾಪ ಸೂಚಿಸುವ ಬದಲು ರಾಜಕೀಯ ಲಾಭಕ್ಕಾಗಿ ಹೇಳಿಕೆ ನೀಡುವುದು ಸರಿಯಲ್ಲ. ಧಾರ್ಮಿಕ ಆಚರಣೆಗಳ ಬಗ್ಗೆ ಕೀಳಾಗಿ ಮಾತನಾಡುವುದು ಕೆಲವರ ಚಾಳಿಯಾಗಿದೆ. 'ಗಂಗೆಯಲ್ಲಿ ಮುಳುಗಿದರೆ ಬಡತನ ನೀಗುವುದೇ?' ಎಂಬ ಪ್ರಶ್ನೆ ಜನರ ನಂಬಿಕೆಯನ್ನು ಅಪಹಾಸ್ಯ ಮಾಡುವಂತಿದೆ. ಬಹುಸಂಖ್ಯಾತರ ನಂಬಿಕೆಗಳ ಬಗ್ಗೆ ಗೌರವವಿಲ್ಲದವರು ಜನರನ್ನು ಪ್ರತಿನಿಧಿಸಲು ಅರ್ಹರಲ್ಲ. ಪಕ್ಷದ ಹೈಕಮಾಂಡ್ ಈ ಬಗ್ಗೆ ಕ್ರಮ ಕೈಗೊಳ್ಳಬೇಕು.
ಹೊರಬಂದಿದ್ದಾರೆ. ಕ್ಷಮೆ ಕೇಳುವುದರ ಬದಲು ತಮ್ಮ ಹೇಳಿಕೆಯನ್ನು ಸಮರ್ಥಿಸಿಕೊಳ್ಳುತ್ತಿರುವುದು ವಿಪರ್ಯಾಸ. ಜನಪ್ರತಿನಿಧಿಗಳು ಮಾತನಾಡುವಾಗ ಎಚ್ಚರಿಕೆ ವಹಿಸಬೇಕು. ಧರ್ಮ ಮತ್ತು ನಂಬಿಕೆಗಳ ವಿಚಾರದಲ್ಲಿ ಸೂಕ್ಷ್ಮತೆ ಅಗತ್ಯ. ರಾಜಕೀಯ ಲಾಭಕ್ಕಾಗಿ ಸಮಾಜವನ್ನು ವಿಭಜಿಸುವ ಪ್ರಯತ್ನ ಖಂಡನೀಯ. ಮತದಾರರು ಇಂಥವರಿಗೆ ತಕ್ಕ ಪಾಠ ಕಲಿಸಬೇಕು.
-ಪ್ರಭುದ್ರ ಪುಟ್ಟೇಗೌಡ, ಬೆಂಗಳೂರು
ಅಪಹಾಸ್ಯ ಸರಿಯಲ್ಲ
ಎಲ್ಲ ಧರ್ಮಗಳನ್ನು ಸಮಾನವಾಗಿ ಗೌರವಿಸಬೇಕು ಎನ್ನುವುದು ನಮ್ಮ ಸಂವಿಧಾನದ ಆಶಯ. ಪ್ರತಿ ಧರ್ಮದ ಆಚರಣೆಗಳಿಗೆ ತನ್ನದೇ ಆದ ಮಹತ್ವವಿದೆ. ಆ ಧರ್ಮದ ಅನುಯಾಯಿಗಳಿಗೆ ಅವು ಪವಿತ್ರವಾದವು. ಅವುಗಳನ್ನು ಅಪಹಾಸ್ಯ ಮಾಡುವುದು ಅಸಹಿಷ್ಣುತೆಯ ಲಕ್ಷಣ. ಮಹಾಕುಂಭಮೇಳದಲ್ಲಿ ಪವಿತ್ರ ಸ್ನಾನ ಮಾಡುವುದರಿಂದ ಪುಣ್ಯ ಲಭಿಸುತ್ತದೆ ಎಂಬ ನಂಬಿಕೆ ಜನರಲ್ಲಿದೆ. ಅದನ್ನು ಅವಹೇಳನ ಮಾಡುವ ಹಕ್ಕು ಯಾರಿಗೂ ಇಲ್ಲ. ಇತರ ಧರ್ಮಗಳ ಆಚರಣೆಗಳ ಬಗ್ಗೆ ಮೌನವಾಗಿರುವವರು ಹಿಂದೂ ಧರ್ಮದ ವಿಚಾರದಲ್ಲಿ ಮಾತ್ರ ಟೀಕೆ ಮಾಡುವುದು ಇಬ್ಬಗೆ ನೀತಿ. 'ಸ್ನಾನ ಮಾಡಿದರೆ ಬಡತನ ಹೋಗುವುದೇ?' ಎಂದು ಪ್ರಶ್ನಿಸುವುದು ಜನರ ಭಾವನೆಗಳಿಗೆ ನೋವುಂಟುಮಾಡುತ್ತದೆ. ರಾಜಕಾರಣಿಗಳು ಮಾತನಾಡುವ ಮುನ್ನ ಸಾವಿರ ಬಾರಿ ಯೋಚಿಸಬೇಕು. ಸಮಾಜದಲ್ಲಿ ಸಾಮರಸ್ಯ ಕಾಪಾಡುವುದು ಎಲ್ಲರ ಕರ್ತವ್ಯ.
-ಸತ್ಯ ಮೂರ್ತಿ, ಬೆಂಗಳೂರು
